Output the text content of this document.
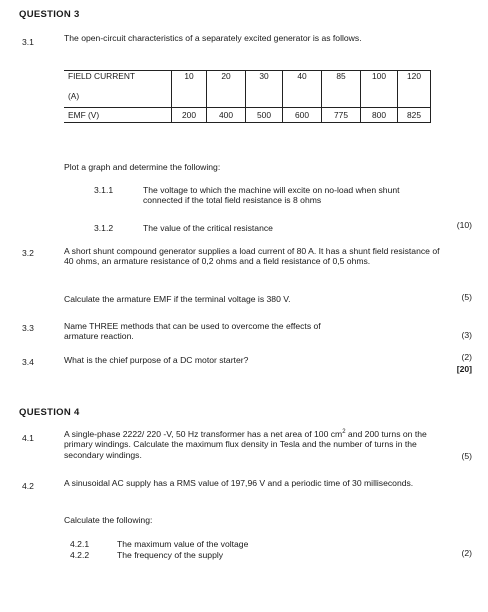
QUESTION 3
3.1	The open-circuit characteristics of a separately excited generator is as follows.
FIELD CURRENT	10	20	30	40	85	100	120
(A)							
EMF (V)	200	400	500	600	775	800	825
Plot a graph and determine the following:
3.1.1	The voltage to which the machine will excite on no-load when shunt connected if the total field resistance is 8 ohms
3.1.2	The value of the critical resistance	(10)
3.2	A short shunt compound generator supplies a load current of 80 A. It has a shunt field resistance of 40 ohms, an armature resistance of 0,2 ohms and a field resistance of 0,5 ohms.
Calculate the armature EMF if the terminal voltage is 380 V.	(5)
3.3	Name THREE methods that can be used to overcome the effects of armature reaction.	(3)
3.4	What is the chief purpose of a DC motor starter?	(2)
[20]
QUESTION 4
4.1	A single-phase 2222/ 220 -V, 50 Hz transformer has a net area of 100 $cm^2$ and 200 turns on the primary windings. Calculate the maximum flux density in Tesla and the number of turns in the secondary windings.	(5)
4.2	A sinusoidal AC supply has a RMS value of 197,96 V and a periodic time of 30 milliseconds.
Calculate the following:
4.2.1	The maximum value of the voltage
4.2.2	The frequency of the supply	(2)
